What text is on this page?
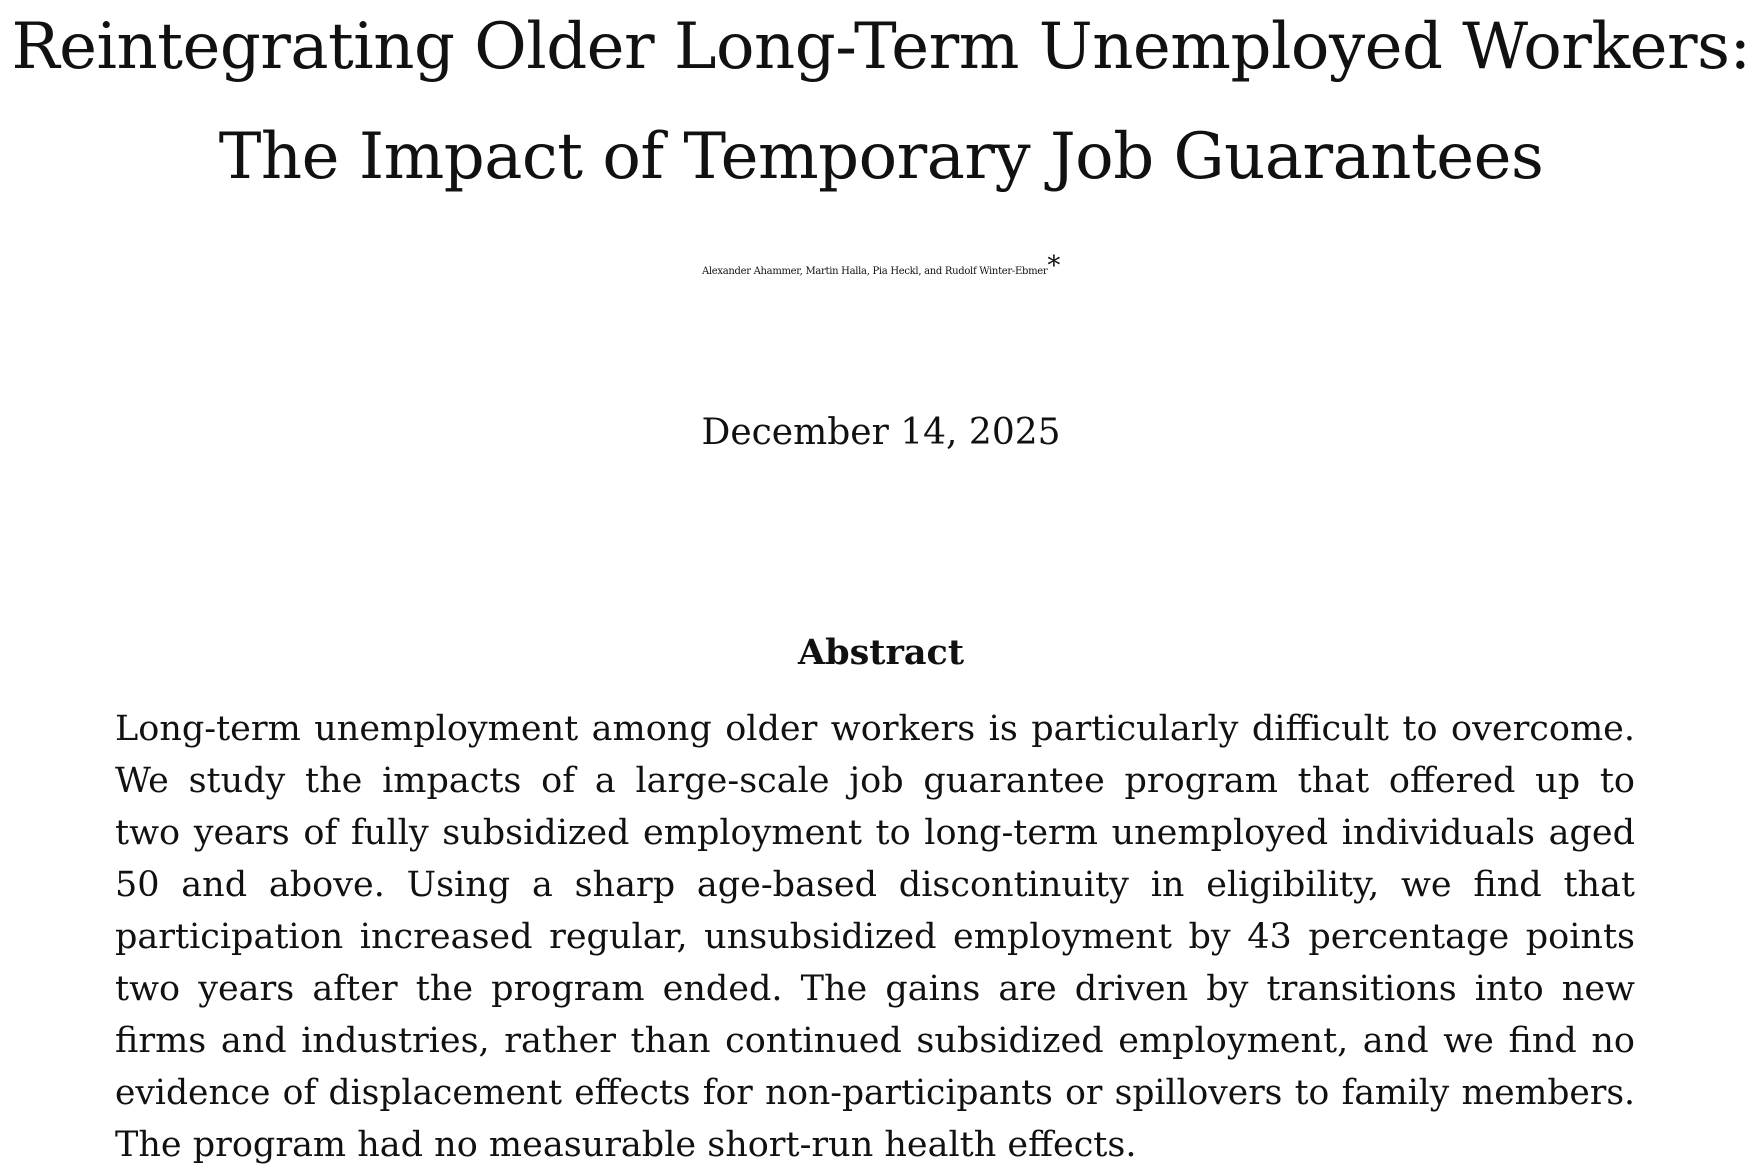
Reintegrating Older Long-Term Unemployed Workers:
The Impact of Temporary Job Guarantees
Alexander Ahammer, Martin Halla, Pia Heckl, and Rudolf Winter-Ebmer*
December 14, 2025
Abstract
Long-term unemployment among older workers is particularly difficult to overcome.
We study the impacts of a large-scale job guarantee program that offered up to
two years of fully subsidized employment to long-term unemployed individuals aged
50 and above. Using a sharp age-based discontinuity in eligibility, we find that
participation increased regular, unsubsidized employment by 43 percentage points
two years after the program ended. The gains are driven by transitions into new
firms and industries, rather than continued subsidized employment, and we find no
evidence of displacement effects for non-participants or spillovers to family members.
The program had no measurable short-run health effects.
